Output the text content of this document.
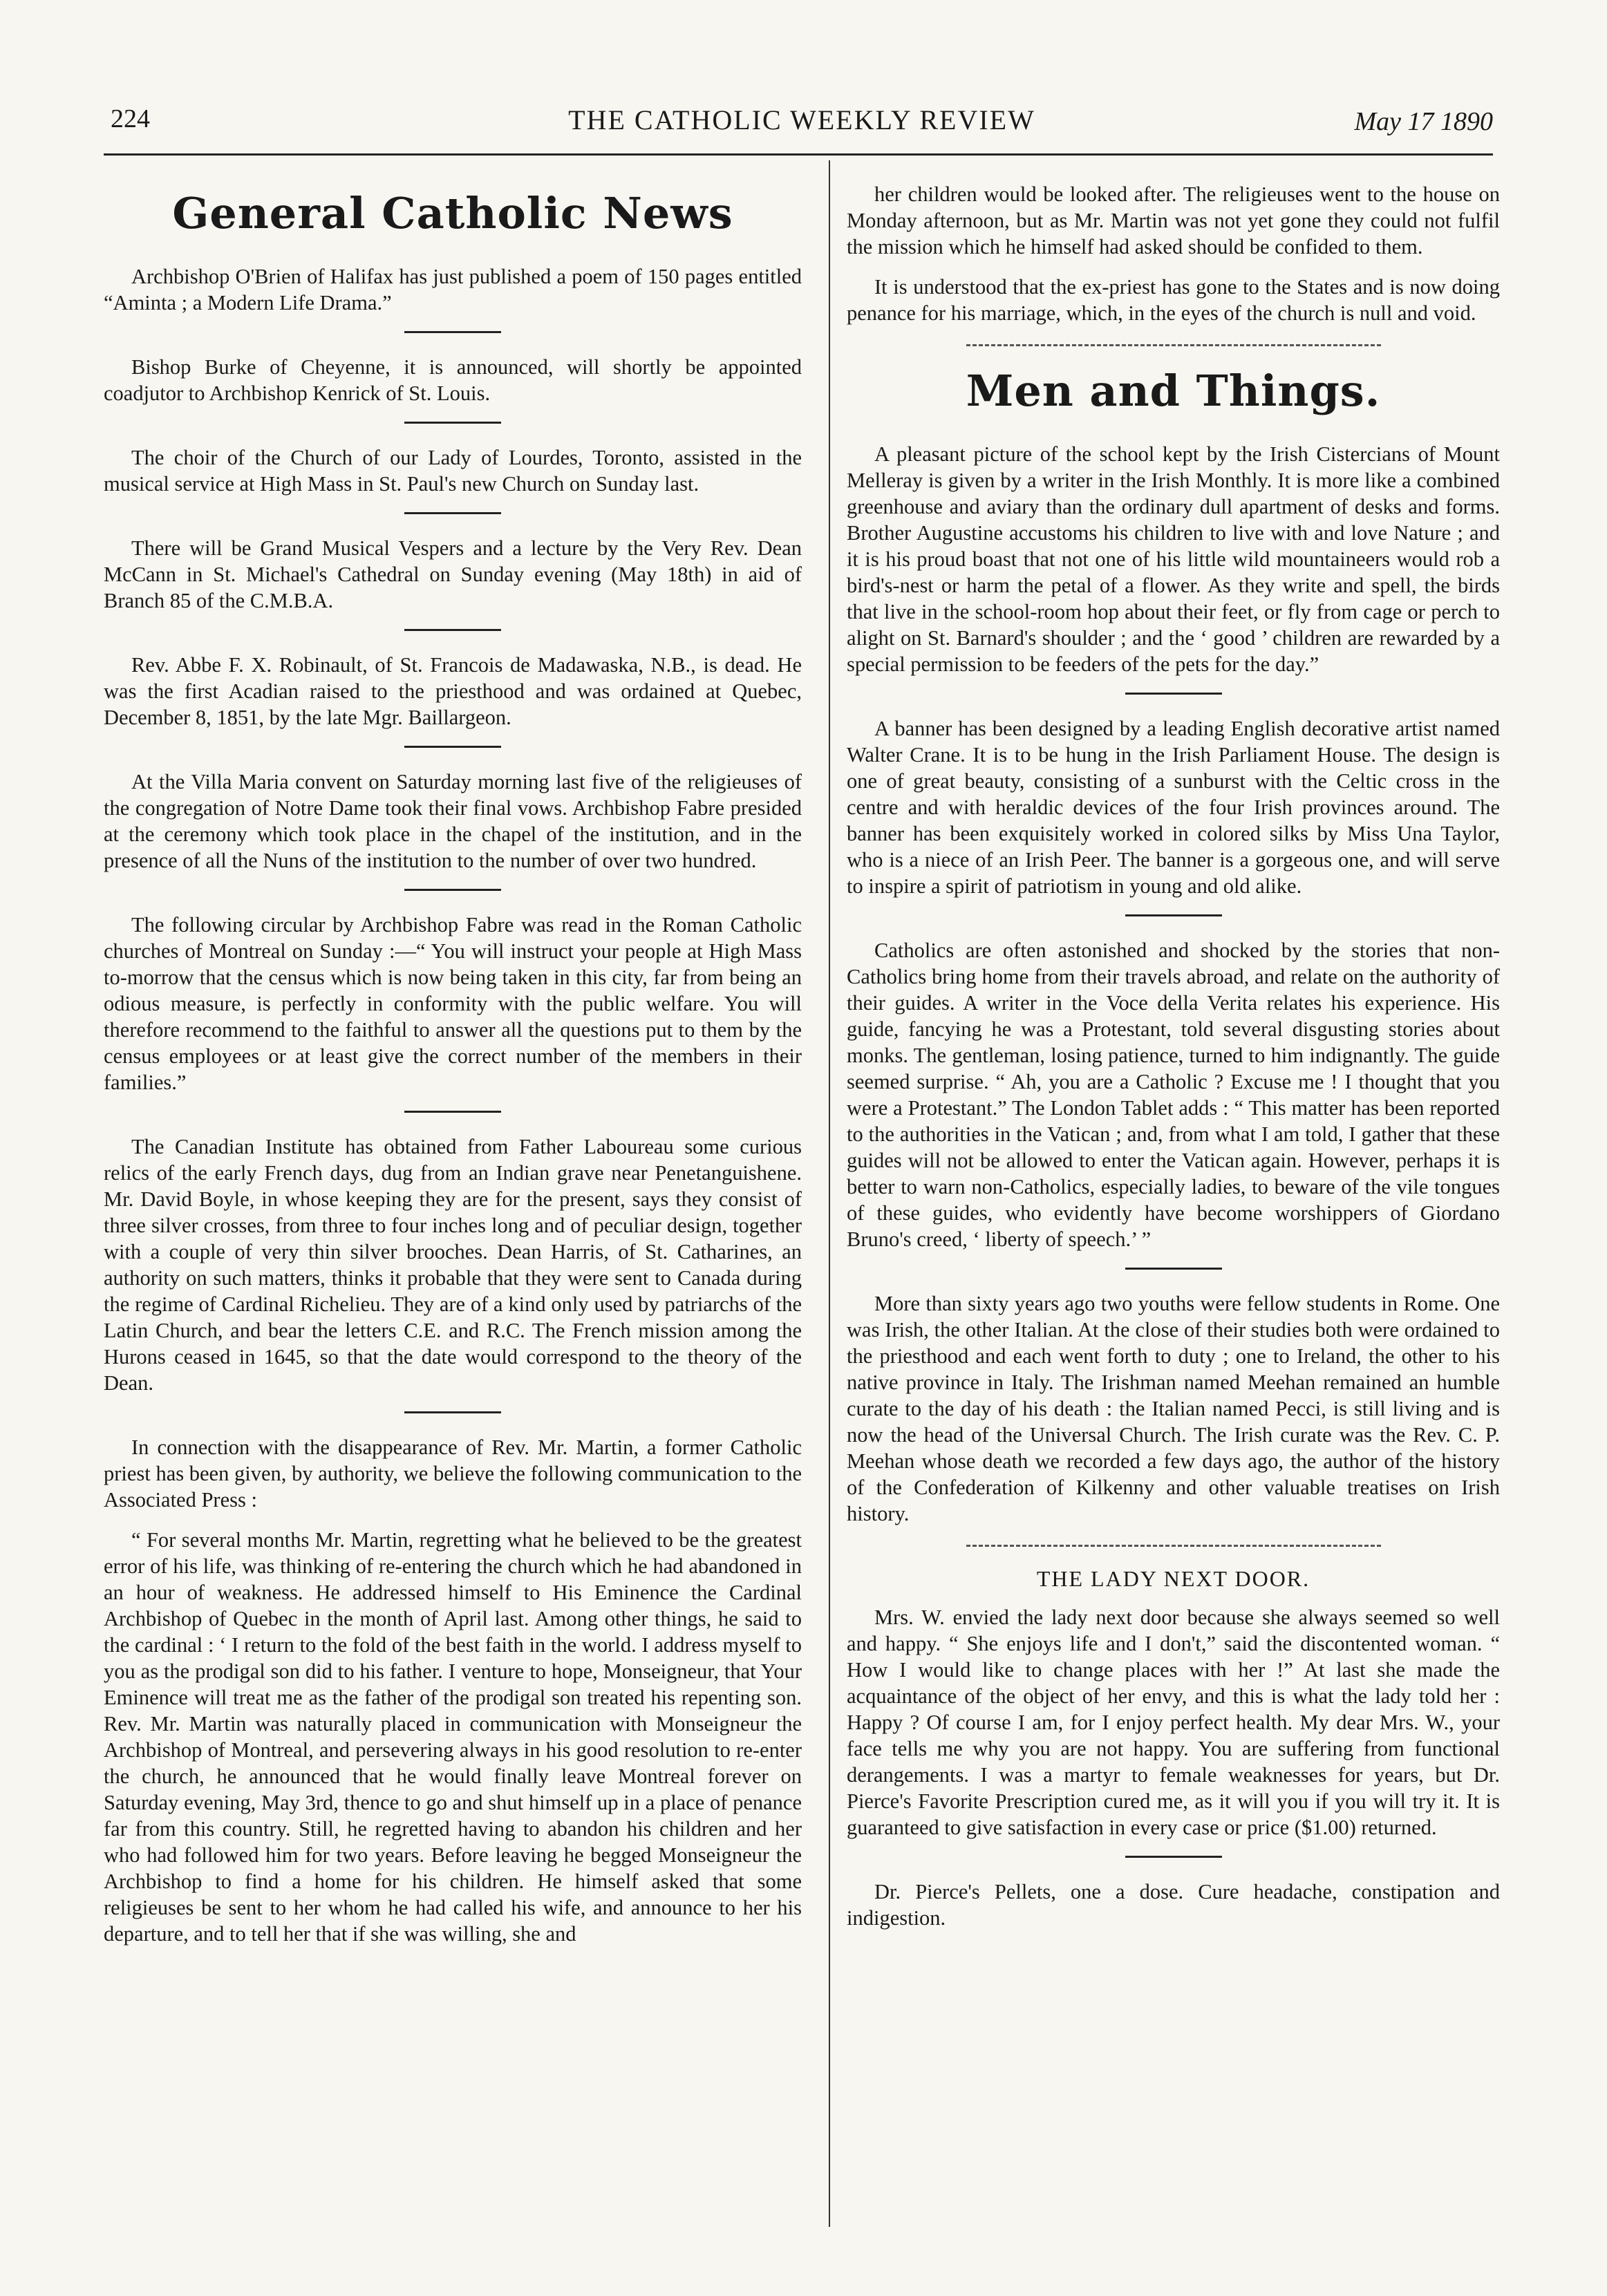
224	THE CATHOLIC WEEKLY REVIEW	May 17 1890
General Catholic News

Archbishop O'Brien of Halifax has just published a poem of 150 pages entitled “Aminta ; a Modern Life Drama.”

Bishop Burke of Cheyenne, it is announced, will shortly be appointed coadjutor to Archbishop Kenrick of St. Louis.

The choir of the Church of our Lady of Lourdes, Toronto, assisted in the musical service at High Mass in St. Paul's new Church on Sunday last.

There will be Grand Musical Vespers and a lecture by the Very Rev. Dean McCann in St. Michael's Cathedral on Sunday evening (May 18th) in aid of Branch 85 of the C.M.B.A.

Rev. Abbe F. X. Robinault, of St. Francois de Madawaska, N.B., is dead. He was the first Acadian raised to the priesthood and was ordained at Quebec, December 8, 1851, by the late Mgr. Baillargeon.

At the Villa Maria convent on Saturday morning last five of the religieuses of the congregation of Notre Dame took their final vows. Archbishop Fabre presided at the ceremony which took place in the chapel of the institution, and in the presence of all the Nuns of the institution to the number of over two hundred.

The following circular by Archbishop Fabre was read in the Roman Catholic churches of Montreal on Sunday :—“ You will instruct your people at High Mass to-morrow that the census which is now being taken in this city, far from being an odious measure, is perfectly in conformity with the public welfare. You will therefore recommend to the faithful to answer all the questions put to them by the census employees or at least give the correct number of the members in their families.”

The Canadian Institute has obtained from Father Laboureau some curious relics of the early French days, dug from an Indian grave near Penetanguishene. Mr. David Boyle, in whose keeping they are for the present, says they consist of three silver crosses, from three to four inches long and of peculiar design, together with a couple of very thin silver brooches. Dean Harris, of St. Catharines, an authority on such matters, thinks it probable that they were sent to Canada during the regime of Cardinal Richelieu. They are of a kind only used by patriarchs of the Latin Church, and bear the letters C.E. and R.C. The French mission among the Hurons ceased in 1645, so that the date would correspond to the theory of the Dean.

In connection with the disappearance of Rev. Mr. Martin, a former Catholic priest has been given, by authority, we believe the following communication to the Associated Press :

“ For several months Mr. Martin, regretting what he believed to be the greatest error of his life, was thinking of re-entering the church which he had abandoned in an hour of weakness. He addressed himself to His Eminence the Cardinal Archbishop of Quebec in the month of April last. Among other things, he said to the cardinal : ‘ I return to the fold of the best faith in the world. I address myself to you as the prodigal son did to his father. I venture to hope, Monseigneur, that Your Eminence will treat me as the father of the prodigal son treated his repenting son. Rev. Mr. Martin was naturally placed in communication with Monseigneur the Archbishop of Montreal, and persevering always in his good resolution to re-enter the church, he announced that he would finally leave Montreal forever on Saturday evening, May 3rd, thence to go and shut himself up in a place of penance far from this country. Still, he regretted having to abandon his children and her who had followed him for two years. Before leaving he begged Monseigneur the Archbishop to find a home for his children. He himself asked that some religieuses be sent to her whom he had called his wife, and announce to her his departure, and to tell her that if she was willing, she and

her children would be looked after. The religieuses went to the house on Monday afternoon, but as Mr. Martin was not yet gone they could not fulfil the mission which he himself had asked should be confided to them.

It is understood that the ex-priest has gone to the States and is now doing penance for his marriage, which, in the eyes of the church is null and void.

Men and Things.

A pleasant picture of the school kept by the Irish Cistercians of Mount Melleray is given by a writer in the Irish Monthly. It is more like a combined greenhouse and aviary than the ordinary dull apartment of desks and forms. Brother Augustine accustoms his children to live with and love Nature ; and it is his proud boast that not one of his little wild mountaineers would rob a bird's-nest or harm the petal of a flower. As they write and spell, the birds that live in the school-room hop about their feet, or fly from cage or perch to alight on St. Barnard's shoulder ; and the ‘ good ’ children are rewarded by a special permission to be feeders of the pets for the day.”

A banner has been designed by a leading English decorative artist named Walter Crane. It is to be hung in the Irish Parliament House. The design is one of great beauty, consisting of a sunburst with the Celtic cross in the centre and with heraldic devices of the four Irish provinces around. The banner has been exquisitely worked in colored silks by Miss Una Taylor, who is a niece of an Irish Peer. The banner is a gorgeous one, and will serve to inspire a spirit of patriotism in young and old alike.

Catholics are often astonished and shocked by the stories that non-Catholics bring home from their travels abroad, and relate on the authority of their guides. A writer in the Voce della Verita relates his experience. His guide, fancying he was a Protestant, told several disgusting stories about monks. The gentleman, losing patience, turned to him indignantly. The guide seemed surprise. “ Ah, you are a Catholic ? Excuse me ! I thought that you were a Protestant.” The London Tablet adds : “ This matter has been reported to the authorities in the Vatican ; and, from what I am told, I gather that these guides will not be allowed to enter the Vatican again. However, perhaps it is better to warn non-Catholics, especially ladies, to beware of the vile tongues of these guides, who evidently have become worshippers of Giordano Bruno's creed, ‘ liberty of speech.’ ”

More than sixty years ago two youths were fellow students in Rome. One was Irish, the other Italian. At the close of their studies both were ordained to the priesthood and each went forth to duty ; one to Ireland, the other to his native province in Italy. The Irishman named Meehan remained an humble curate to the day of his death : the Italian named Pecci, is still living and is now the head of the Universal Church. The Irish curate was the Rev. C. P. Meehan whose death we recorded a few days ago, the author of the history of the Confederation of Kilkenny and other valuable treatises on Irish history.

THE LADY NEXT DOOR.

Mrs. W. envied the lady next door because she always seemed so well and happy. “ She enjoys life and I don't,” said the discontented woman. “ How I would like to change places with her !” At last she made the acquaintance of the object of her envy, and this is what the lady told her : Happy ? Of course I am, for I enjoy perfect health. My dear Mrs. W., your face tells me why you are not happy. You are suffering from functional derangements. I was a martyr to female weaknesses for years, but Dr. Pierce's Favorite Prescription cured me, as it will you if you will try it. It is guaranteed to give satisfaction in every case or price ($1.00) returned.

Dr. Pierce's Pellets, one a dose. Cure headache, constipation and indigestion.
